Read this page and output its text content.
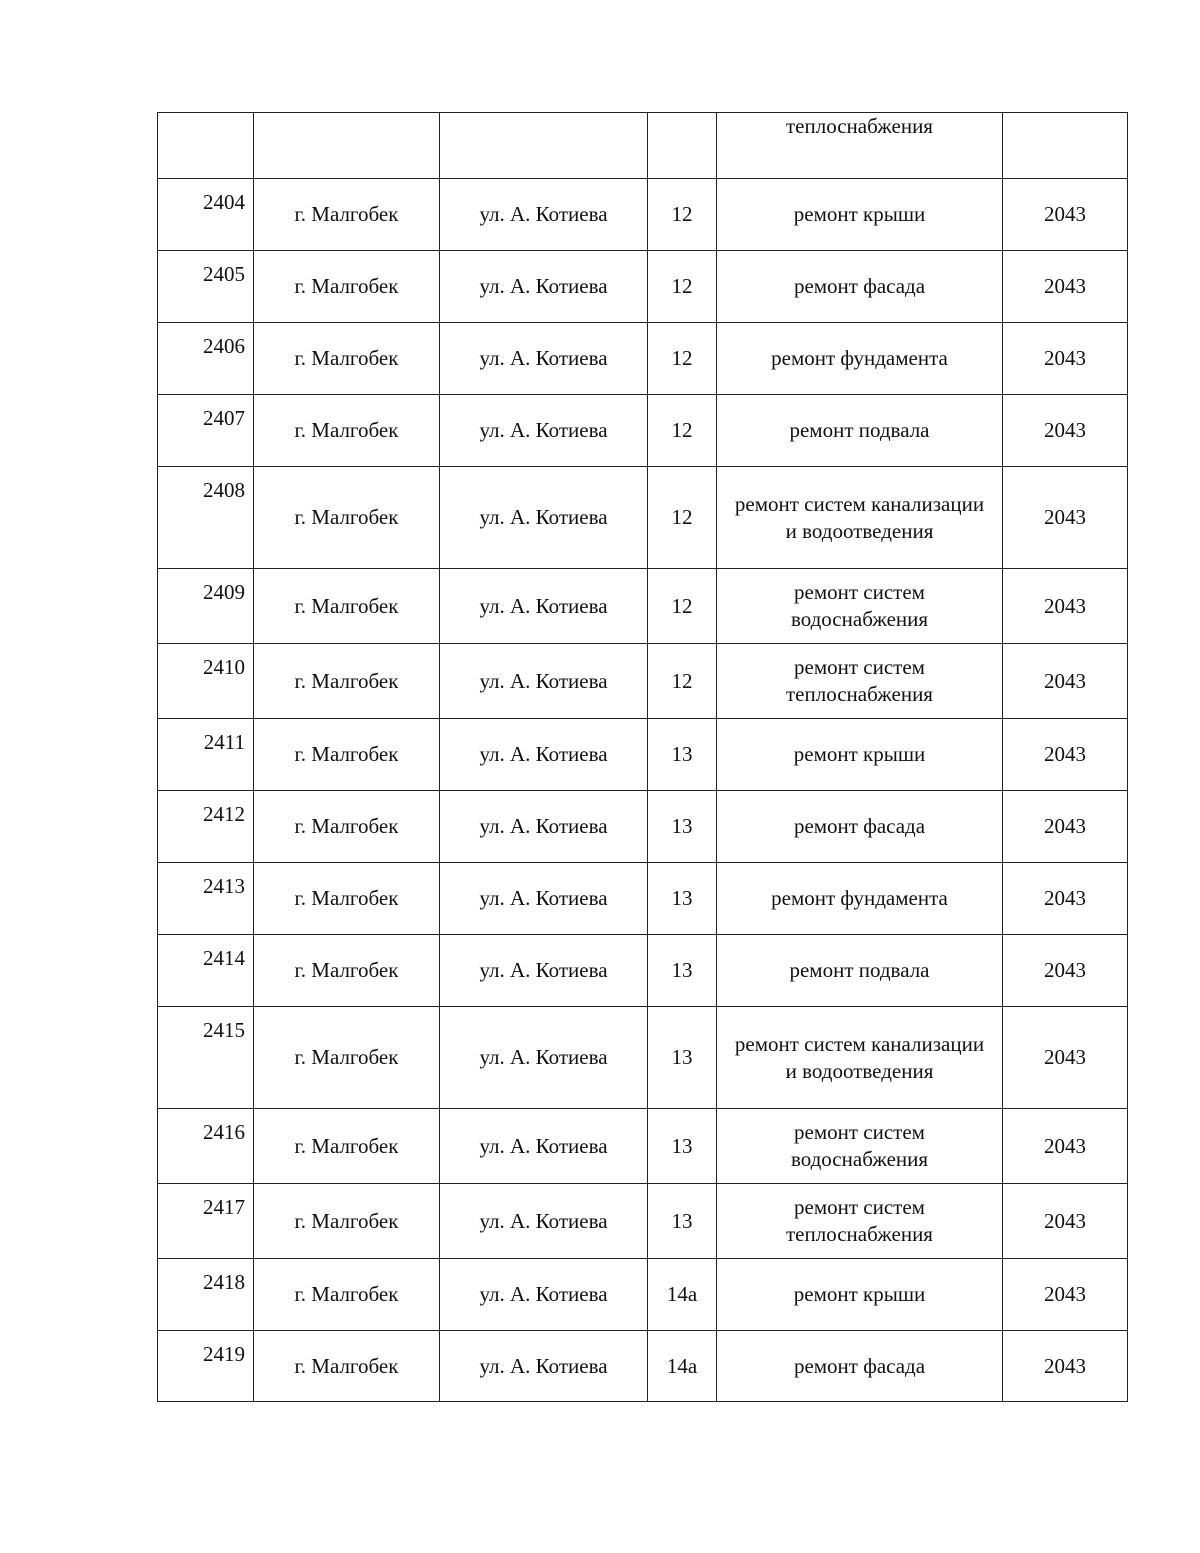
				теплоснабжения	
2404	г. Малгобек	ул. А. Котиева	12	ремонт крыши	2043
2405	г. Малгобек	ул. А. Котиева	12	ремонт фасада	2043
2406	г. Малгобек	ул. А. Котиева	12	ремонт фундамента	2043
2407	г. Малгобек	ул. А. Котиева	12	ремонт подвала	2043
2408	г. Малгобек	ул. А. Котиева	12	ремонт систем канализации и водоотведения	2043
2409	г. Малгобек	ул. А. Котиева	12	ремонт систем водоснабжения	2043
2410	г. Малгобек	ул. А. Котиева	12	ремонт систем теплоснабжения	2043
2411	г. Малгобек	ул. А. Котиева	13	ремонт крыши	2043
2412	г. Малгобек	ул. А. Котиева	13	ремонт фасада	2043
2413	г. Малгобек	ул. А. Котиева	13	ремонт фундамента	2043
2414	г. Малгобек	ул. А. Котиева	13	ремонт подвала	2043
2415	г. Малгобек	ул. А. Котиева	13	ремонт систем канализации и водоотведения	2043
2416	г. Малгобек	ул. А. Котиева	13	ремонт систем водоснабжения	2043
2417	г. Малгобек	ул. А. Котиева	13	ремонт систем теплоснабжения	2043
2418	г. Малгобек	ул. А. Котиева	14а	ремонт крыши	2043
2419	г. Малгобек	ул. А. Котиева	14а	ремонт фасада	2043
